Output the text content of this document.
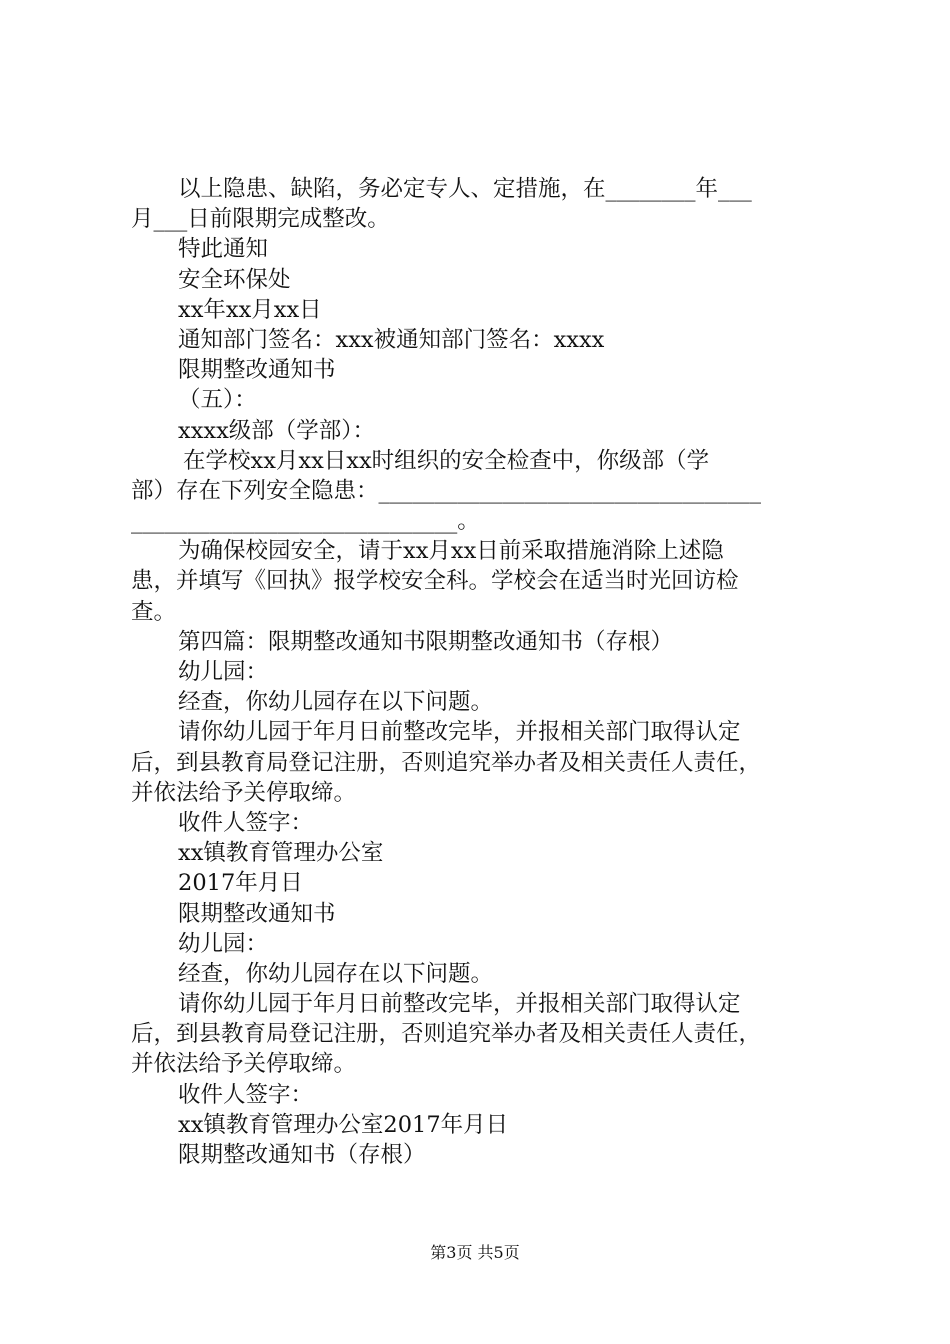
以上隐患、缺陷，务必定专人、定措施，在________年___
月___日前限期完成整改。
特此通知
安全环保处
xx年xx月xx日
通知部门签名：xxx被通知部门签名：xxxx
限期整改通知书
（五）：
xxxx级部（学部）：
在学校xx月xx日xx时组织的安全检查中，你级部（学
部）存在下列安全隐患：__________________________________
_____________________________。
为确保校园安全，请于xx月xx日前采取措施消除上述隐
患，并填写《回执》报学校安全科。学校会在适当时光回访检
查。
第四篇：限期整改通知书限期整改通知书（存根）
幼儿园：
经查，你幼儿园存在以下问题。
请你幼儿园于年月日前整改完毕，并报相关部门取得认定
后，到县教育局登记注册，否则追究举办者及相关责任人责任，
并依法给予关停取缔。
收件人签字：
xx镇教育管理办公室
2017年月日
限期整改通知书
幼儿园：
经查，你幼儿园存在以下问题。
请你幼儿园于年月日前整改完毕，并报相关部门取得认定
后，到县教育局登记注册，否则追究举办者及相关责任人责任，
并依法给予关停取缔。
收件人签字：
xx镇教育管理办公室2017年月日
限期整改通知书（存根）
第3页 共5页
